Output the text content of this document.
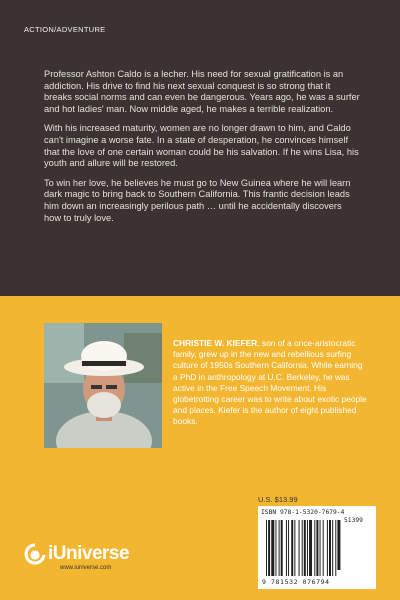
ACTION/ADVENTURE

Professor Ashton Caldo is a lecher. His need for sexual gratification is an addiction. His drive to find his next sexual conquest is so strong that it breaks social norms and can even be dangerous. Years ago, he was a surfer and hot ladies' man. Now middle aged, he makes a terrible realization.

With his increased maturity, women are no longer drawn to him, and Caldo can't imagine a worse fate. In a state of desperation, he convinces himself that the love of one certain woman could be his salvation. If he wins Lisa, his youth and allure will be restored.

To win her love, he believes he must go to New Guinea where he will learn dark magic to bring back to Southern California. This frantic decision leads him down an increasingly perilous path … until he accidentally discovers how to truly love.

CHRISTIE W. KIEFER, son of a once-aristocratic family, grew up in the new and rebellious surfing culture of 1950s Southern California. While earning a PhD in anthropology at U.C. Berkeley, he was active in the Free Speech Movement. His globetrotting career was to write about exotic people and places. Kiefer is the author of eight published books.
U.S. $13.99
ISBN 978-1-5320-7679-4
51399
9 781532 076794
iUniverse
www.iuniverse.com
